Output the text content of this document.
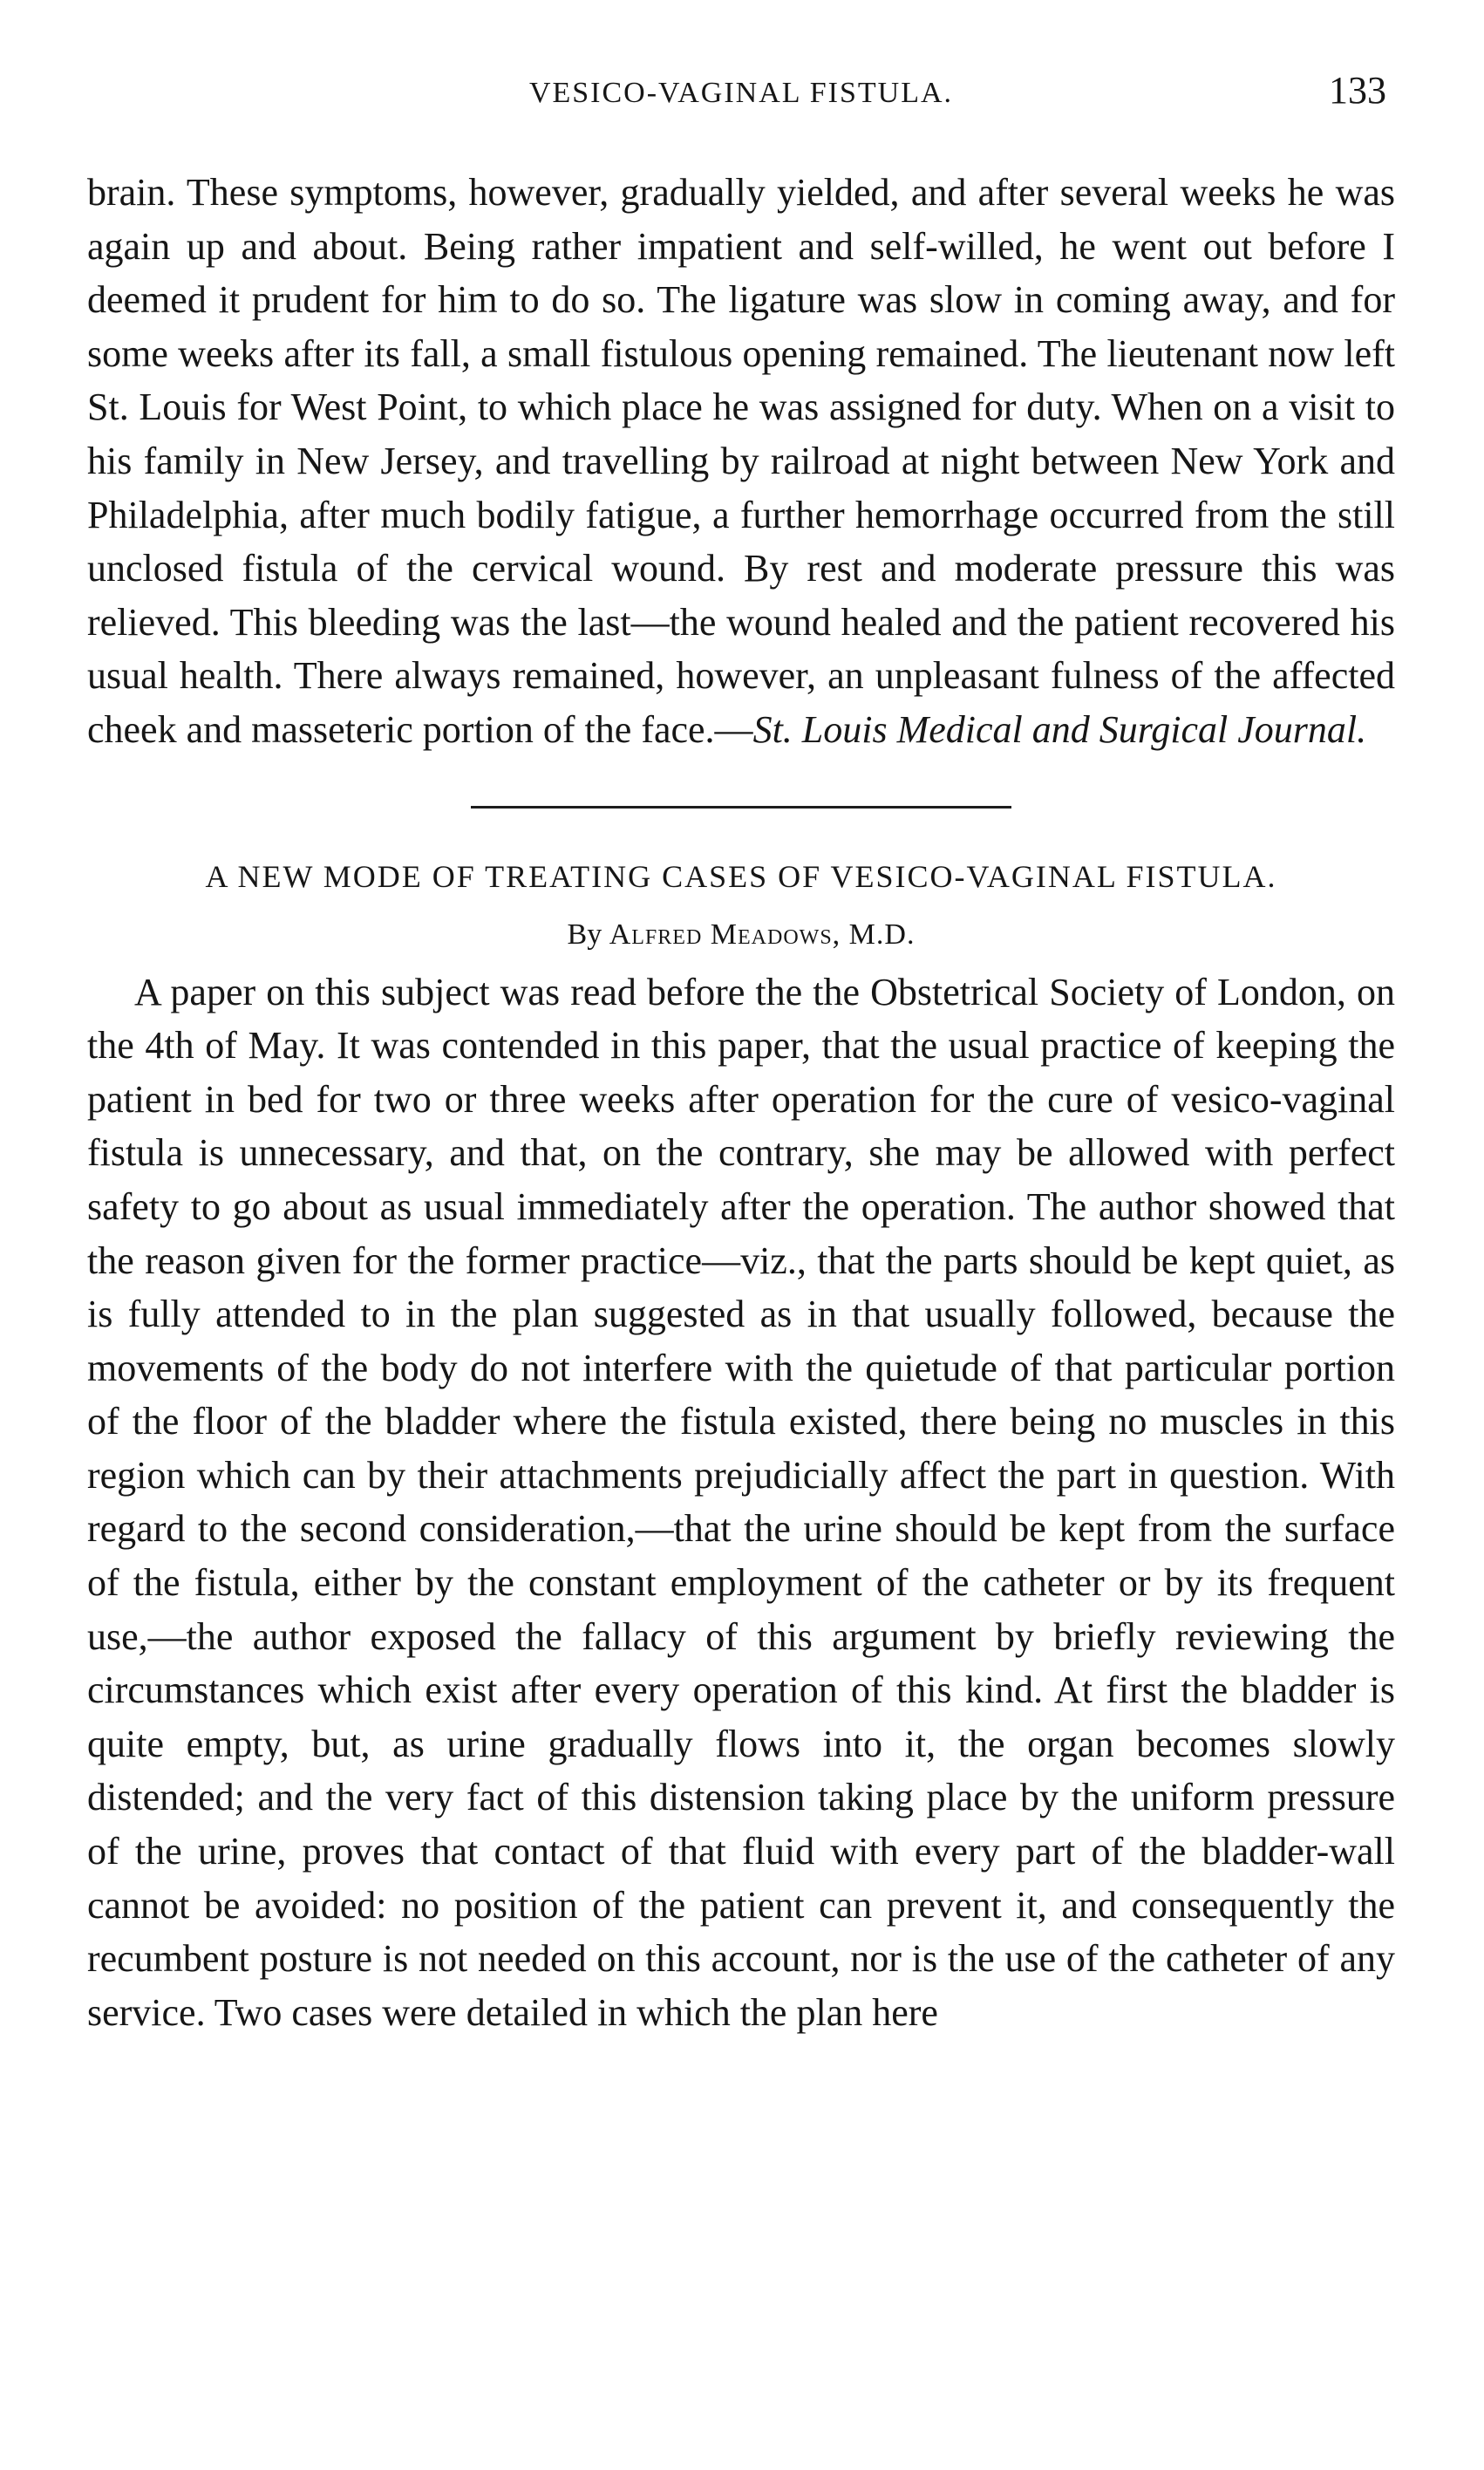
VESICO-VAGINAL FISTULA.	133

brain. These symptoms, however, gradually yielded, and after several weeks he was again up and about. Being rather impatient and self-willed, he went out before I deemed it prudent for him to do so. The ligature was slow in coming away, and for some weeks after its fall, a small fistulous opening remained. The lieutenant now left St. Louis for West Point, to which place he was assigned for duty. When on a visit to his family in New Jersey, and travelling by railroad at night between New York and Philadelphia, after much bodily fatigue, a further hemorrhage occurred from the still unclosed fistula of the cervical wound. By rest and moderate pressure this was relieved. This bleeding was the last—the wound healed and the patient recovered his usual health. There always remained, however, an unpleasant fulness of the affected cheek and masseteric portion of the face.—St. Louis Medical and Surgical Journal.

A NEW MODE OF TREATING CASES OF VESICO-VAGINAL FISTULA.

By Alfred Meadows, M.D.

A paper on this subject was read before the the Obstetrical Society of London, on the 4th of May. It was contended in this paper, that the usual practice of keeping the patient in bed for two or three weeks after operation for the cure of vesico-vaginal fistula is unnecessary, and that, on the contrary, she may be allowed with perfect safety to go about as usual immediately after the operation. The author showed that the reason given for the former practice—viz., that the parts should be kept quiet, as is fully attended to in the plan suggested as in that usually followed, because the movements of the body do not interfere with the quietude of that particular portion of the floor of the bladder where the fistula existed, there being no muscles in this region which can by their attachments prejudicially affect the part in question. With regard to the second consideration,—that the urine should be kept from the surface of the fistula, either by the constant employment of the catheter or by its frequent use,—the author exposed the fallacy of this argument by briefly reviewing the circumstances which exist after every operation of this kind. At first the bladder is quite empty, but, as urine gradually flows into it, the organ becomes slowly distended; and the very fact of this distension taking place by the uniform pressure of the urine, proves that contact of that fluid with every part of the bladder-wall cannot be avoided: no position of the patient can prevent it, and consequently the recumbent posture is not needed on this account, nor is the use of the catheter of any service. Two cases were detailed in which the plan here
